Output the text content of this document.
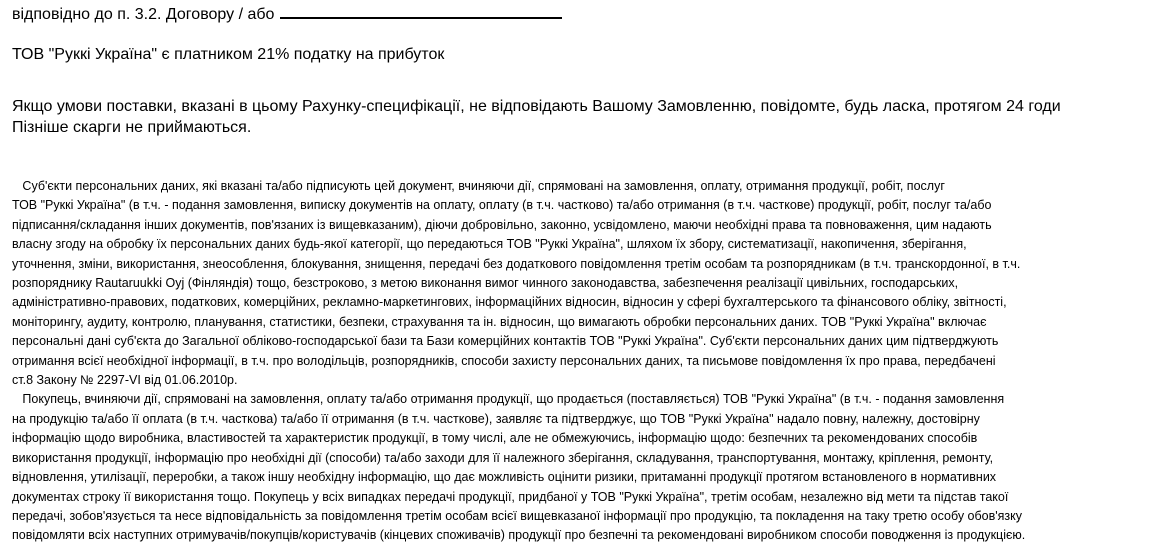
відповідно до п. 3.2. Договору / або
ТОВ "Руккі Україна" є платником 21% податку на прибуток
Якщо умови поставки, вказані в цьому Рахунку-специфікації, не відповідають Вашому Замовленню, повідомте, будь ласка, протягом 24 годи
Пізніше скарги не приймаються.

Суб'єкти персональних даних, які вказані та/або підписують цей документ, вчиняючи дії, спрямовані на замовлення, оплату, отримання продукції, робіт, послуг

ТОВ "Руккі Україна" (в т.ч. - подання замовлення, виписку документів на оплату, оплату (в т.ч. частково) та/або отримання (в т.ч. часткове) продукції, робіт, послуг та/або

підписання/складання інших документів, пов'язаних із вищевказаним), діючи добровільно, законно, усвідомлено, маючи необхідні права та повноваження, цим надають

власну згоду на обробку їх персональних даних будь-якої категорії, що передаються ТОВ "Руккі Україна", шляхом їх збору, систематизації, накопичення, зберігання,

уточнення, зміни, використання, знеособлення, блокування, знищення, передачі без додаткового повідомлення третім особам та розпорядникам (в т.ч. транскордонної, в т.ч.

розпоряднику Rautaruukki Oyj (Фінляндія) тощо, безстроково, з метою виконання вимог чинного законодавства, забезпечення реалізації цивільних, господарських,

адміністративно-правових, податкових, комерційних, рекламно-маркетингових, інформаційних відносин, відносин у сфері бухгалтерського та фінансового обліку, звітності,

моніторингу, аудиту, контролю, планування, статистики, безпеки, страхування та ін. відносин, що вимагають обробки персональних даних. ТОВ "Руккі Україна" включає

персональні дані суб'єкта до Загальної обліково-господарської бази та Бази комерційних контактів ТОВ "Руккі Україна". Суб'єкти персональних даних цим підтверджують

отримання всієї необхідної інформації, в т.ч. про володільців, розпорядників, способи захисту персональних даних, та письмове повідомлення їх про права, передбачені

ст.8 Закону № 2297-VI від 01.06.2010р.

Покупець, вчиняючи дії, спрямовані на замовлення, оплату та/або отримання продукції, що продається (поставляється) ТОВ "Руккі Україна" (в т.ч. - подання замовлення

на продукцію та/або її оплата (в т.ч. часткова) та/або її отримання (в т.ч. часткове), заявляє та підтверджує, що ТОВ "Руккі Україна" надало повну, належну, достовірну

інформацію щодо виробника, властивостей та характеристик продукції, в тому числі, але не обмежуючись, інформацію щодо: безпечних та рекомендованих способів

використання продукції, інформацію про необхідні дії (способи) та/або заходи для її належного зберігання, складування, транспортування, монтажу, кріплення, ремонту,

відновлення, утилізації, переробки, а також іншу необхідну інформацію, що дає можливість оцінити ризики, притаманні продукції протягом встановленого в нормативних

документах строку її використання тощо. Покупець у всіх випадках передачі продукції, придбаної у ТОВ "Руккі Україна", третім особам, незалежно від мети та підстав такої

передачі, зобов'язується та несе відповідальність за повідомлення третім особам всієї вищевказаної інформації про продукцію, та покладення на таку третю особу обов'язку

повідомляти всіх наступних отримувачів/покупців/користувачів (кінцевих споживачів) продукції про безпечні та рекомендовані виробником способи поводження із продукцією.
